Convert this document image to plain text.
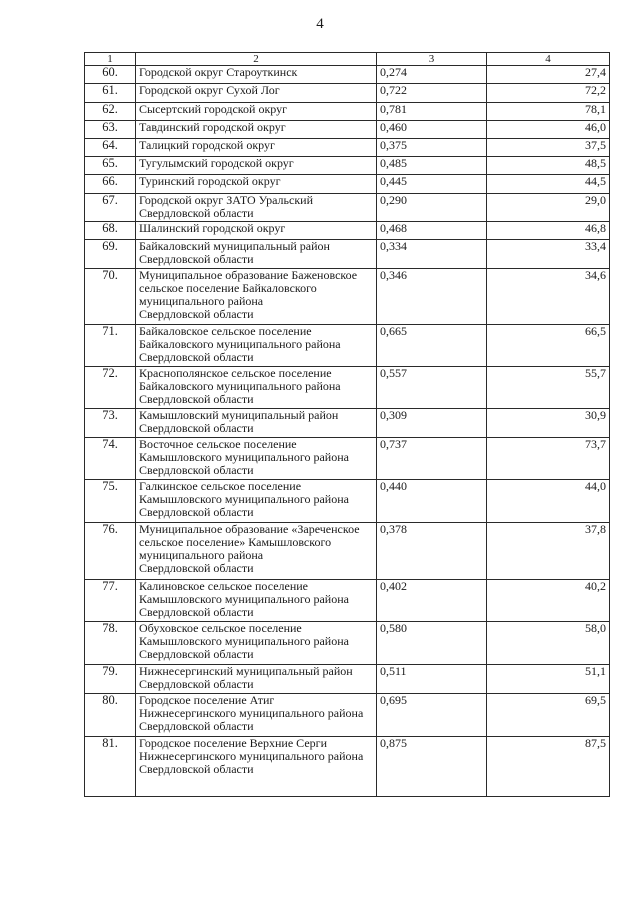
4
1	2	3	4
60.	Городской округ Староуткинск	0,274	27,4
61.	Городской округ Сухой Лог	0,722	72,2
62.	Сысертский городской округ	0,781	78,1
63.	Тавдинский городской округ	0,460	46,0
64.	Талицкий городской округ	0,375	37,5
65.	Тугулымский городской округ	0,485	48,5
66.	Туринский городской округ	0,445	44,5
67.	Городской округ ЗАТО Уральский
Свердловской области	0,290	29,0
68.	Шалинский городской округ	0,468	46,8
69.	Байкаловский муниципальный район
Свердловской области	0,334	33,4
70.	Муниципальное образование Баженовское
сельское поселение Байкаловского
муниципального района
Свердловской области	0,346	34,6
71.	Байкаловское сельское поселение
Байкаловского муниципального района
Свердловской области	0,665	66,5
72.	Краснополянское сельское поселение
Байкаловского муниципального района
Свердловской области	0,557	55,7
73.	Камышловский муниципальный район
Свердловской области	0,309	30,9
74.	Восточное сельское поселение
Камышловского муниципального района
Свердловской области	0,737	73,7
75.	Галкинское сельское поселение
Камышловского муниципального района
Свердловской области	0,440	44,0
76.	Муниципальное образование «Зареченское
сельское поселение» Камышловского
муниципального района
Свердловской области	0,378	37,8
77.	Калиновское сельское поселение
Камышловского муниципального района
Свердловской области	0,402	40,2
78.	Обуховское сельское поселение
Камышловского муниципального района
Свердловской области	0,580	58,0
79.	Нижнесергинский муниципальный район
Свердловской области	0,511	51,1
80.	Городское поселение Атиг
Нижнесергинского муниципального района
Свердловской области	0,695	69,5
81.	Городское поселение Верхние Серги
Нижнесергинского муниципального района
Свердловской области	0,875	87,5
